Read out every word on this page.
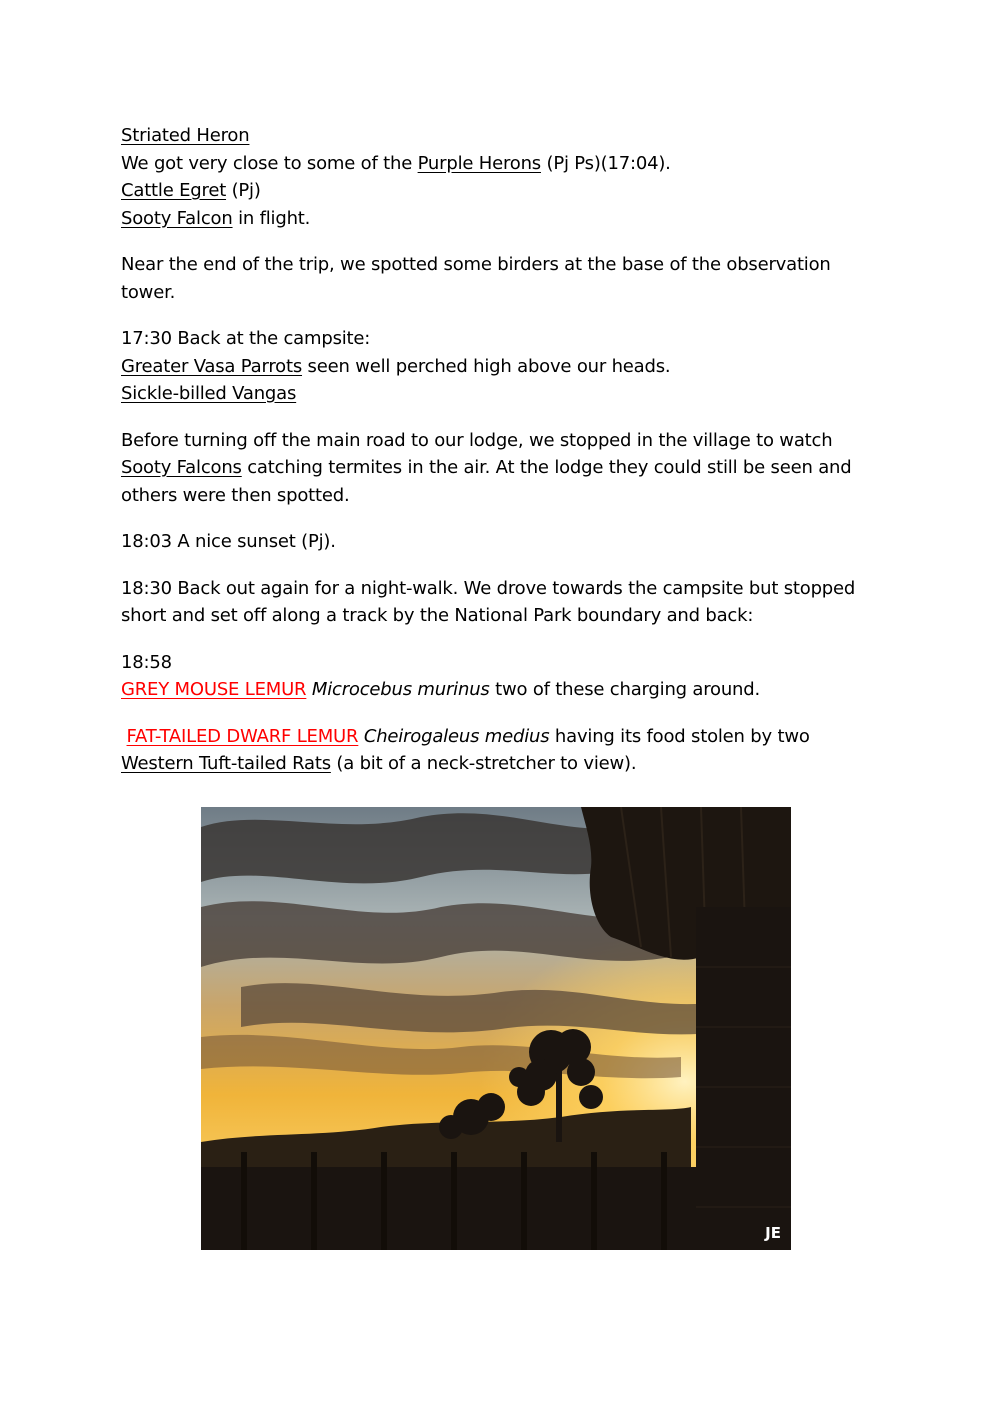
Striated Heron
We got very close to some of the Purple Herons (Pj Ps)(17:04).
Cattle Egret (Pj)
Sooty Falcon in flight.

Near the end of the trip, we spotted some birders at the base of the observation tower.

17:30 Back at the campsite:
Greater Vasa Parrots seen well perched high above our heads.
Sickle-billed Vangas

Before turning off the main road to our lodge, we stopped in the village to watch Sooty Falcons catching termites in the air. At the lodge they could still be seen and others were then spotted.

18:03 A nice sunset (Pj).

18:30 Back out again for a night-walk. We drove towards the campsite but stopped short and set off along a track by the National Park boundary and back:

18:58
GREY MOUSE LEMUR Microcebus murinus two of these charging around.

FAT-TAILED DWARF LEMUR Cheirogaleus medius having its food stolen by two Western Tuft-tailed Rats (a bit of a neck-stretcher to view).

JE
